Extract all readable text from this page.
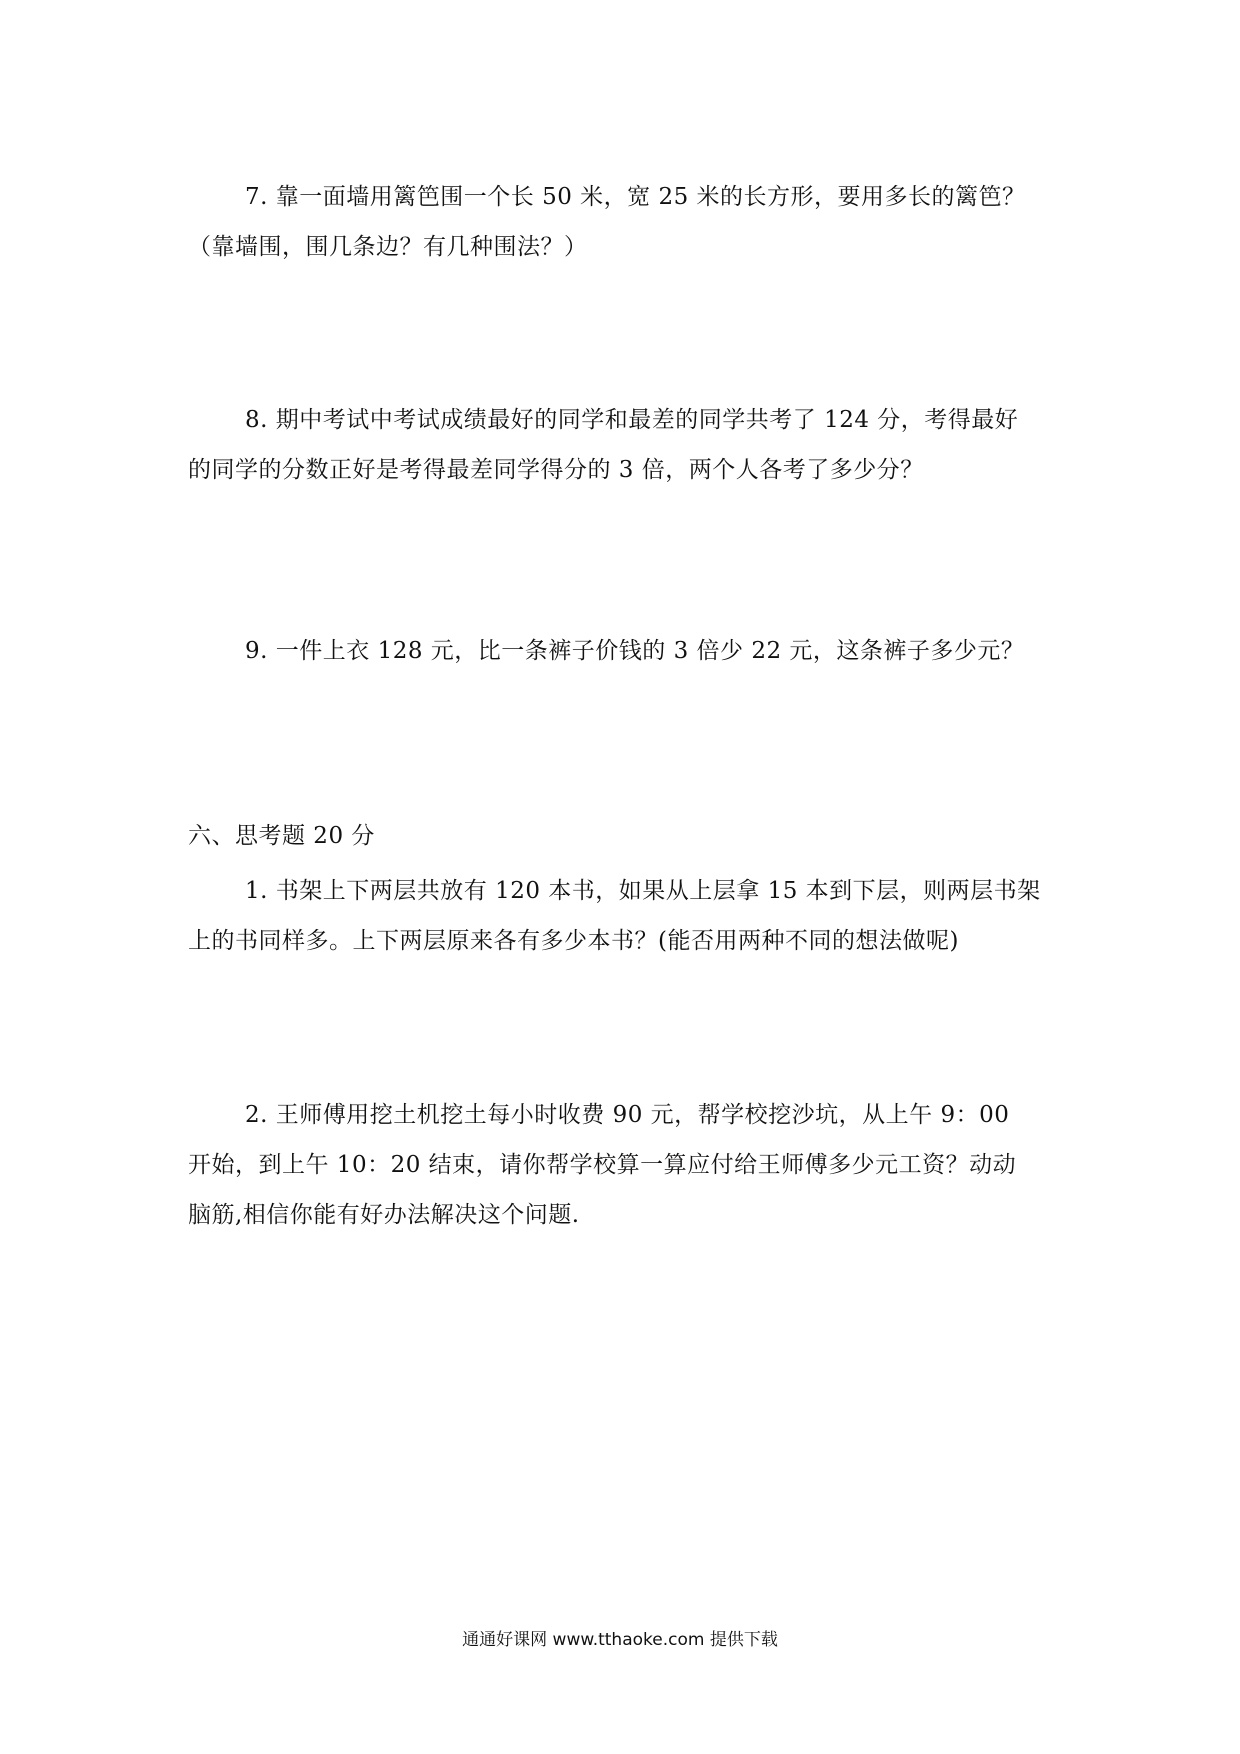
7. 靠一面墙用篱笆围一个长 50 米，宽 25 米的长方形，要用多长的篱笆？
（靠墙围，围几条边？有几种围法？）
8. 期中考试中考试成绩最好的同学和最差的同学共考了 124 分，考得最好
的同学的分数正好是考得最差同学得分的 3 倍，两个人各考了多少分？
9. 一件上衣 128 元，比一条裤子价钱的 3 倍少 22 元，这条裤子多少元？
六、思考题 20 分
1. 书架上下两层共放有 120 本书，如果从上层拿 15 本到下层，则两层书架
上的书同样多。上下两层原来各有多少本书？(能否用两种不同的想法做呢)
2. 王师傅用挖土机挖土每小时收费 90 元，帮学校挖沙坑，从上午 9：00
开始，到上午 10：20 结束，请你帮学校算一算应付给王师傅多少元工资？动动
脑筋,相信你能有好办法解决这个问题.
通通好课网 www.tthaoke.com 提供下载
